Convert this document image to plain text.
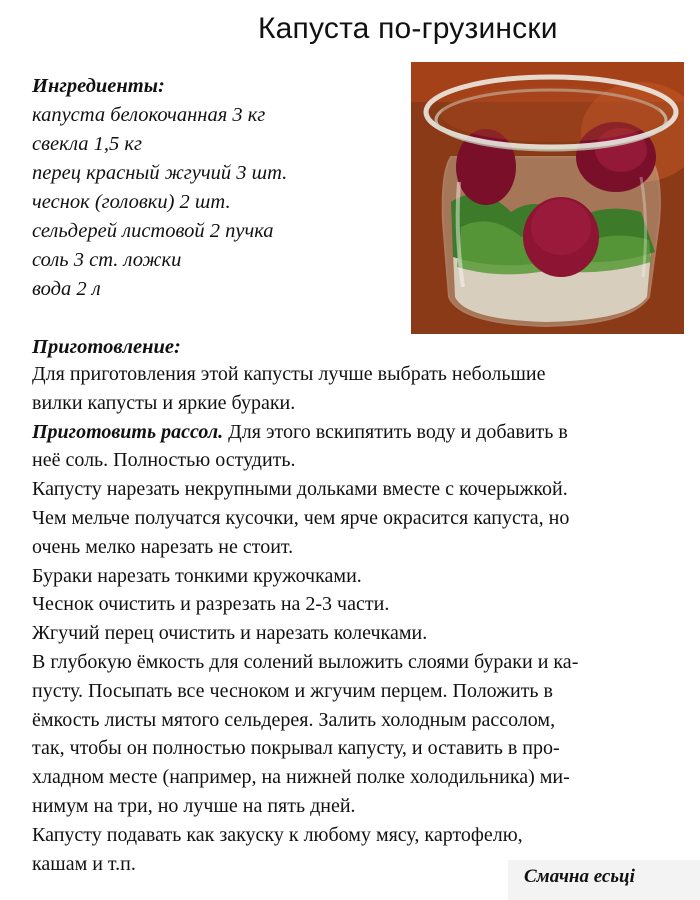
Капуста по-грузински
Ингредиенты:
капуста белокочанная 3 кг
свекла 1,5 кг
перец красный жгучий 3 шт.
чеснок (головки) 2 шт.
сельдерей листовой 2 пучка
соль 3 ст. ложки
вода 2 л
Приготовление:
Для приготовления этой капусты лучше выбрать небольшие
вилки капусты и яркие бураки.
Приготовить рассол. Для этого вскипятить воду и добавить в
неё соль. Полностью остудить.
Капусту нарезать некрупными дольками вместе с кочерыжкой.
Чем мельче получатся кусочки, чем ярче окрасится капуста, но
очень мелко нарезать не стоит.
Бураки нарезать тонкими кружочками.
Чеснок очистить и разрезать на 2-3 части.
Жгучий перец очистить и нарезать колечками.
В глубокую ёмкость для солений выложить слоями бураки и ка-
пусту. Посыпать все чесноком и жгучим перцем. Положить в
ёмкость листы мятого сельдерея. Залить холодным рассолом,
так, чтобы он полностью покрывал капусту, и оставить в про-
хладном месте (например, на нижней полке холодильника) ми-
нимум на три, но лучше на пять дней.
Капусту подавать как закуску к любому мясу, картофелю,
кашам и т.п.
Смачна есьці
